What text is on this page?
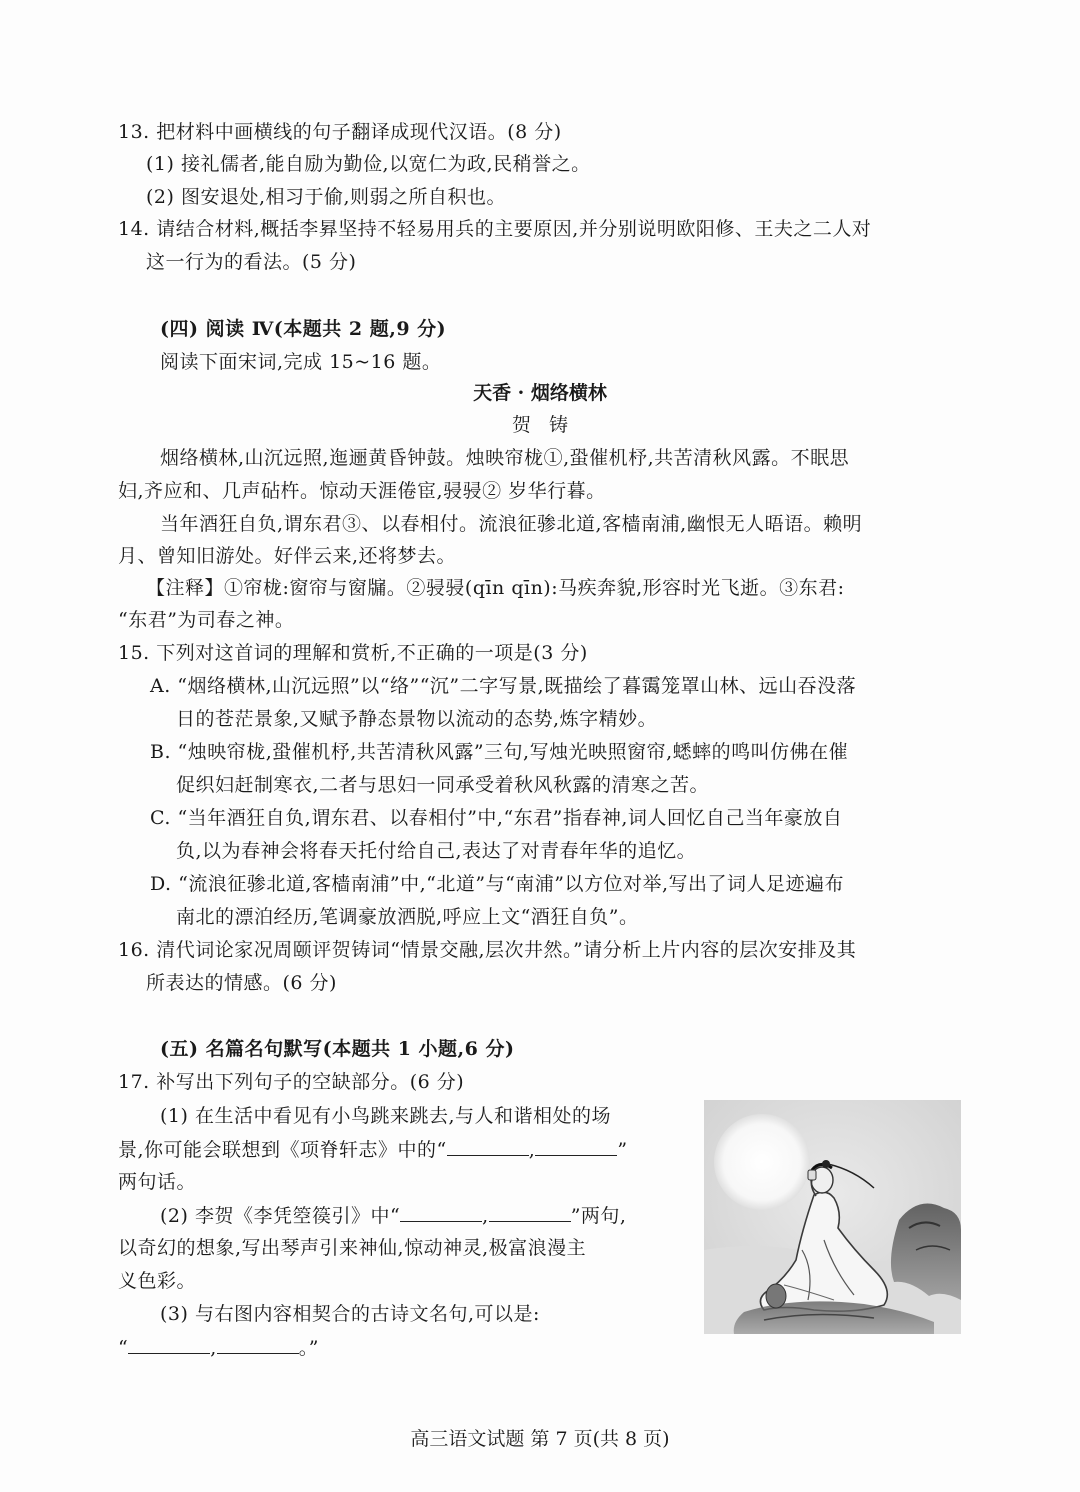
13. 把材料中画横线的句子翻译成现代汉语。(8 分)
(1) 接礼儒者,能自励为勤俭,以宽仁为政,民稍誉之。
(2) 图安退处,相习于偷,则弱之所自积也。
14. 请结合材料,概括李昪坚持不轻易用兵的主要原因,并分别说明欧阳修、王夫之二人对
这一行为的看法。(5 分)
(四) 阅读 Ⅳ(本题共 2 题,9 分)
阅读下面宋词,完成 15~16 题。
天香 · 烟络横林
贺铸
烟络横林,山沉远照,迤逦黄昏钟鼓。烛映帘栊①,蛩催机杼,共苦清秋风露。不眠思
妇,齐应和、几声砧杵。惊动天涯倦宦,骎骎② 岁华行暮。
当年酒狂自负,谓东君③、以春相付。流浪征骖北道,客樯南浦,幽恨无人晤语。赖明
月、曾知旧游处。好伴云来,还将梦去。
【注释】①帘栊:窗帘与窗牖。②骎骎(qīn qīn):马疾奔貌,形容时光飞逝。③东君:
“东君”为司春之神。
15. 下列对这首词的理解和赏析,不正确的一项是(3 分)
A. “烟络横林,山沉远照”以“络”“沉”二字写景,既描绘了暮霭笼罩山林、远山吞没落
日的苍茫景象,又赋予静态景物以流动的态势,炼字精妙。
B. “烛映帘栊,蛩催机杼,共苦清秋风露”三句,写烛光映照窗帘,蟋蟀的鸣叫仿佛在催
促织妇赶制寒衣,二者与思妇一同承受着秋风秋露的清寒之苦。
C. “当年酒狂自负,谓东君、以春相付”中,“东君”指春神,词人回忆自己当年豪放自
负,以为春神会将春天托付给自己,表达了对青春年华的追忆。
D. “流浪征骖北道,客樯南浦”中,“北道”与“南浦”以方位对举,写出了词人足迹遍布
南北的漂泊经历,笔调豪放洒脱,呼应上文“酒狂自负”。
16. 清代词论家况周颐评贺铸词“情景交融,层次井然。”请分析上片内容的层次安排及其
所表达的情感。(6 分)
(五) 名篇名句默写(本题共 1 小题,6 分)
17. 补写出下列句子的空缺部分。(6 分)
(1) 在生活中看见有小鸟跳来跳去,与人和谐相处的场
景,你可能会联想到《项脊轩志》中的“	,	”
两句话。
(2) 李贺《李凭箜篌引》中“	,	”两句,
以奇幻的想象,写出琴声引来神仙,惊动神灵,极富浪漫主
义色彩。
(3) 与右图内容相契合的古诗文名句,可以是:
“	,	。”
高三语文试题 第 7 页(共 8 页)
